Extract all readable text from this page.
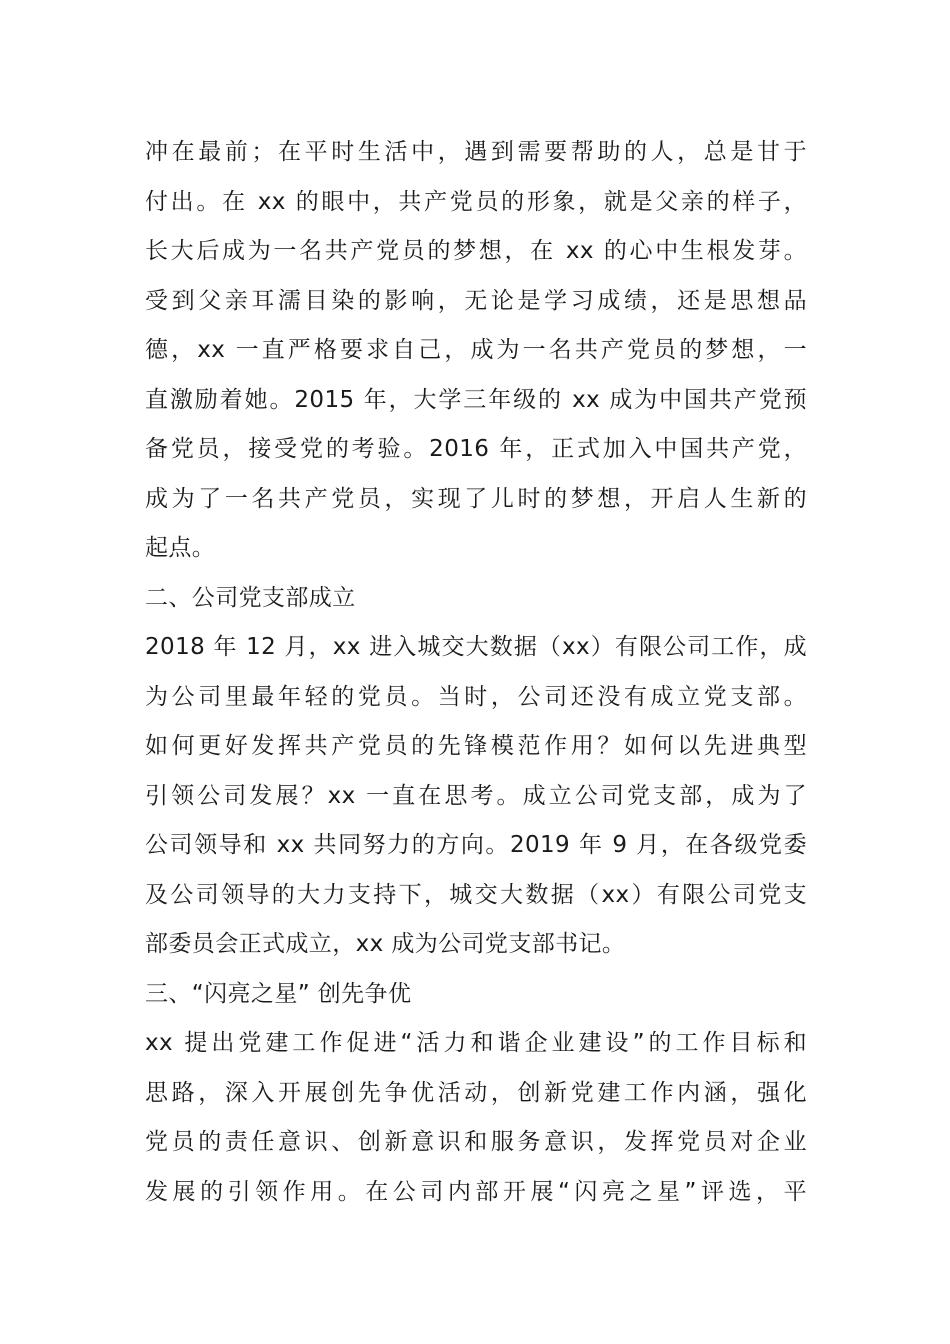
冲在最前；在平时生活中，遇到需要帮助的人，总是甘于
付出。在 xx 的眼中，共产党员的形象，就是父亲的样子，
长大后成为一名共产党员的梦想，在 xx 的心中生根发芽。
受到父亲耳濡目染的影响，无论是学习成绩，还是思想品
德，xx 一直严格要求自己，成为一名共产党员的梦想，一
直激励着她。2015 年，大学三年级的 xx 成为中国共产党预
备党员，接受党的考验。2016 年，正式加入中国共产党，
成为了一名共产党员，实现了儿时的梦想，开启人生新的
起点。

二、公司党支部成立

2018 年 12 月，xx 进入城交大数据（xx）有限公司工作，成
为公司里最年轻的党员。当时，公司还没有成立党支部。
如何更好发挥共产党员的先锋模范作用？如何以先进典型
引领公司发展？xx 一直在思考。成立公司党支部，成为了
公司领导和 xx 共同努力的方向。2019 年 9 月，在各级党委
及公司领导的大力支持下，城交大数据（xx）有限公司党支
部委员会正式成立，xx 成为公司党支部书记。

三、“闪亮之星” 创先争优

xx 提出党建工作促进“活力和谐企业建设”的工作目标和
思路，深入开展创先争优活动，创新党建工作内涵，强化
党员的责任意识、创新意识和服务意识，发挥党员对企业
发展的引领作用。在公司内部开展“闪亮之星”评选，平
